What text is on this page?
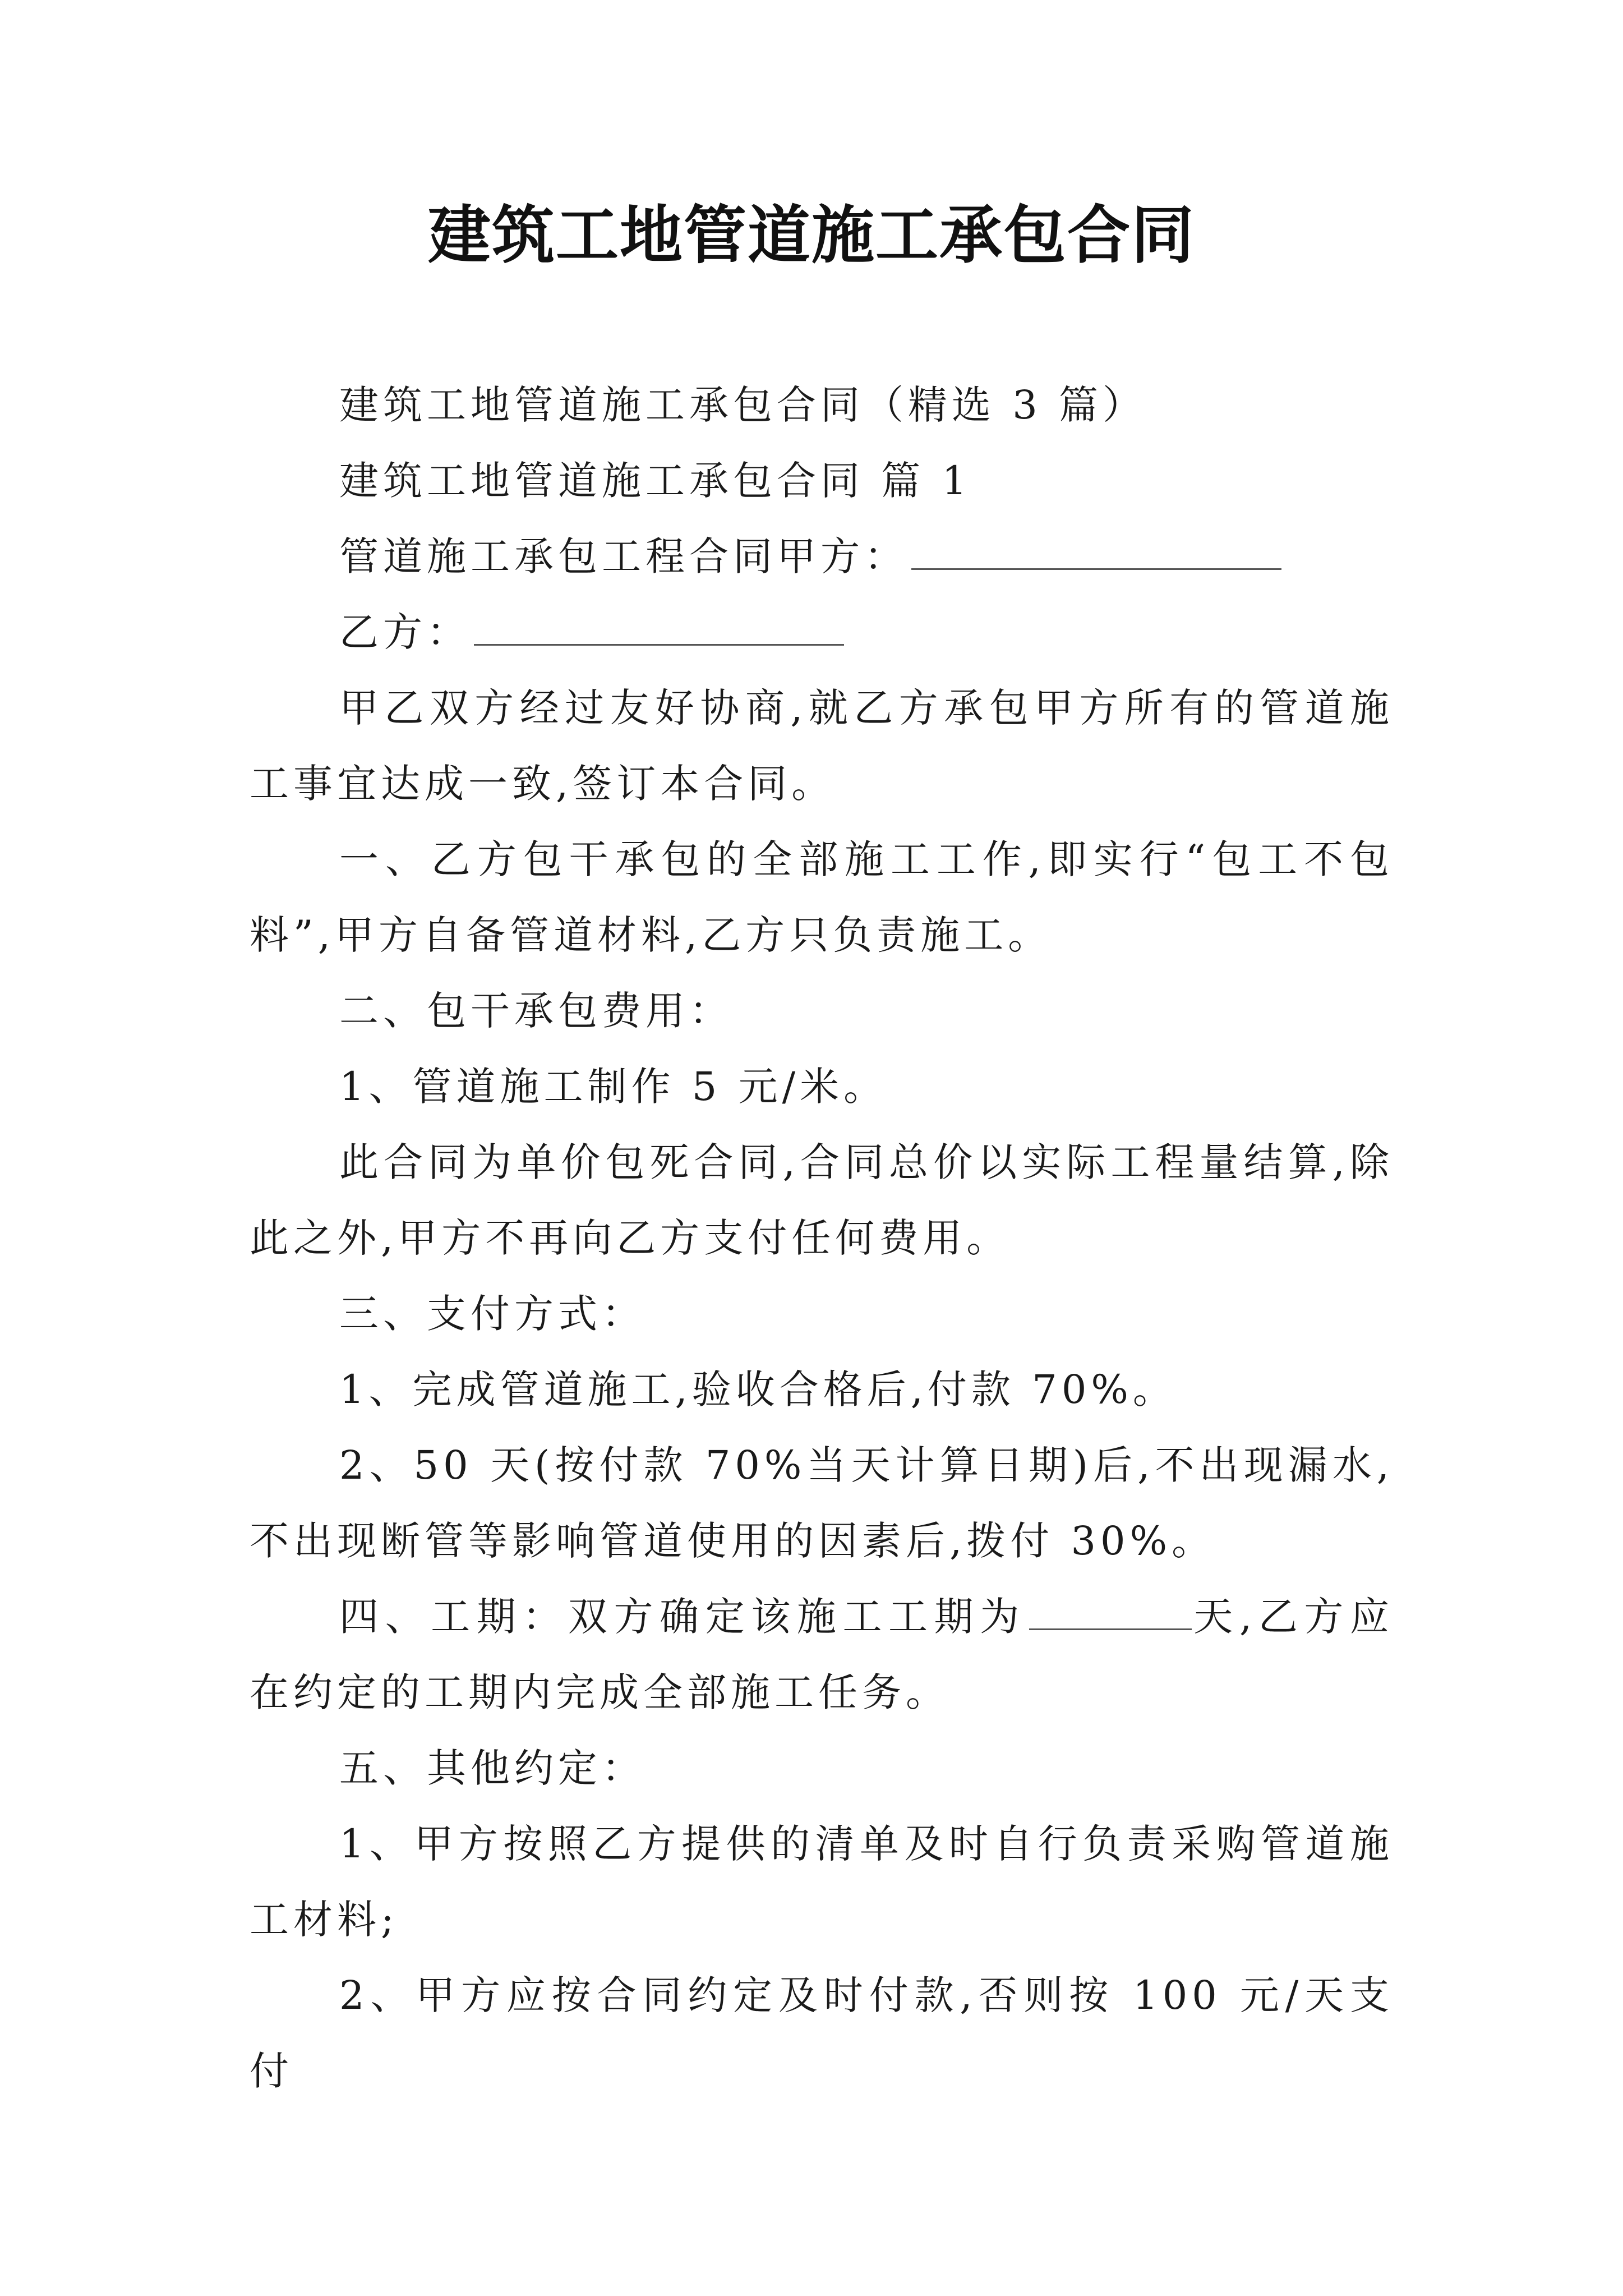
建筑工地管道施工承包合同

建筑工地管道施工承包合同（精选 3 篇）

建筑工地管道施工承包合同 篇 1

管道施工承包工程合同甲方：

乙方：

甲乙双方经过友好协商,就乙方承包甲方所有的管道施工事宜达成一致,签订本合同。

一、乙方包干承包的全部施工工作,即实行“包工不包料”,甲方自备管道材料,乙方只负责施工。

二、包干承包费用：

1、管道施工制作 5 元/米。

此合同为单价包死合同,合同总价以实际工程量结算,除此之外,甲方不再向乙方支付任何费用。

三、支付方式：

1、完成管道施工,验收合格后,付款 70%。

2、50 天(按付款 70%当天计算日期)后,不出现漏水,不出现断管等影响管道使用的因素后,拨付 30%。

四、工期：双方确定该施工工期为	天,乙方应在约定的工期内完成全部施工任务。

五、其他约定：

1、甲方按照乙方提供的清单及时自行负责采购管道施工材料;

2、甲方应按合同约定及时付款,否则按 100 元/天支付
